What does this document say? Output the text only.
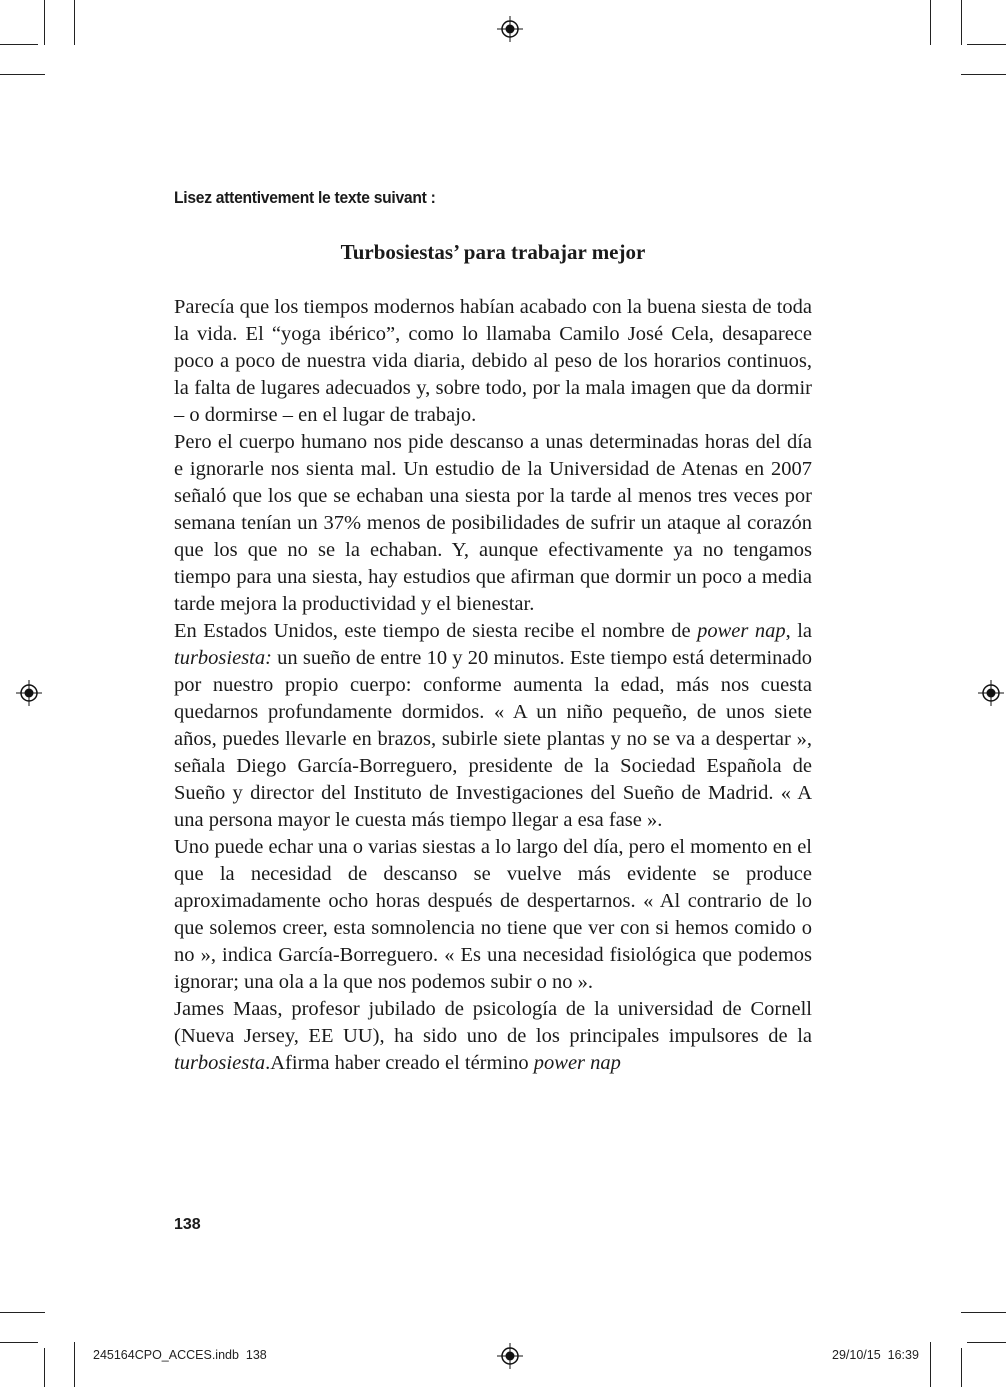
Lisez attentivement le texte suivant :
Turbosiestas’ para trabajar mejor

Parecía que los tiempos modernos habían acabado con la buena siesta de toda la vida. El “yoga ibérico”, como lo llamaba Camilo José Cela, desaparece poco a poco de nuestra vida diaria, debido al peso de los horarios continuos, la falta de lugares adecuados y, sobre todo, por la mala imagen que da dormir – o dormirse – en el lugar de trabajo.

Pero el cuerpo humano nos pide descanso a unas determinadas horas del día e ignorarle nos sienta mal. Un estudio de la Universidad de Atenas en 2007 señaló que los que se echaban una siesta por la tarde al menos tres veces por semana tenían un 37% menos de posibilidades de sufrir un ataque al corazón que los que no se la echaban. Y, aunque efectivamente ya no tengamos tiempo para una siesta, hay estudios que afirman que dormir un poco a media tarde mejora la productividad y el bienestar.

En Estados Unidos, este tiempo de siesta recibe el nombre de power nap, la turbosiesta: un sueño de entre 10 y 20 minutos. Este tiempo está determinado por nuestro propio cuerpo: conforme aumenta la edad, más nos cuesta quedarnos profundamente dormidos. « A un niño pequeño, de unos siete años, puedes llevarle en brazos, subirle siete plantas y no se va a despertar », señala Diego García-Borreguero, presidente de la Sociedad Española de Sueño y director del Instituto de Investigaciones del Sueño de Madrid. « A una persona mayor le cuesta más tiempo llegar a esa fase ».

Uno puede echar una o varias siestas a lo largo del día, pero el momento en el que la necesidad de descanso se vuelve más evidente se produce aproximadamente ocho horas después de despertarnos. « Al contrario de lo que solemos creer, esta somnolencia no tiene que ver con si hemos comido o no », indica García-Borreguero. « Es una necesidad fisiológica que podemos ignorar; una ola a la que nos podemos subir o no ».

James Maas, profesor jubilado de psicología de la universidad de Cornell (Nueva Jersey, EE UU), ha sido uno de los principales impulsores de la turbosiesta.Afirma haber creado el término power nap

138
245164CPO_ACCES.indb 138	29/10/15 16:39
